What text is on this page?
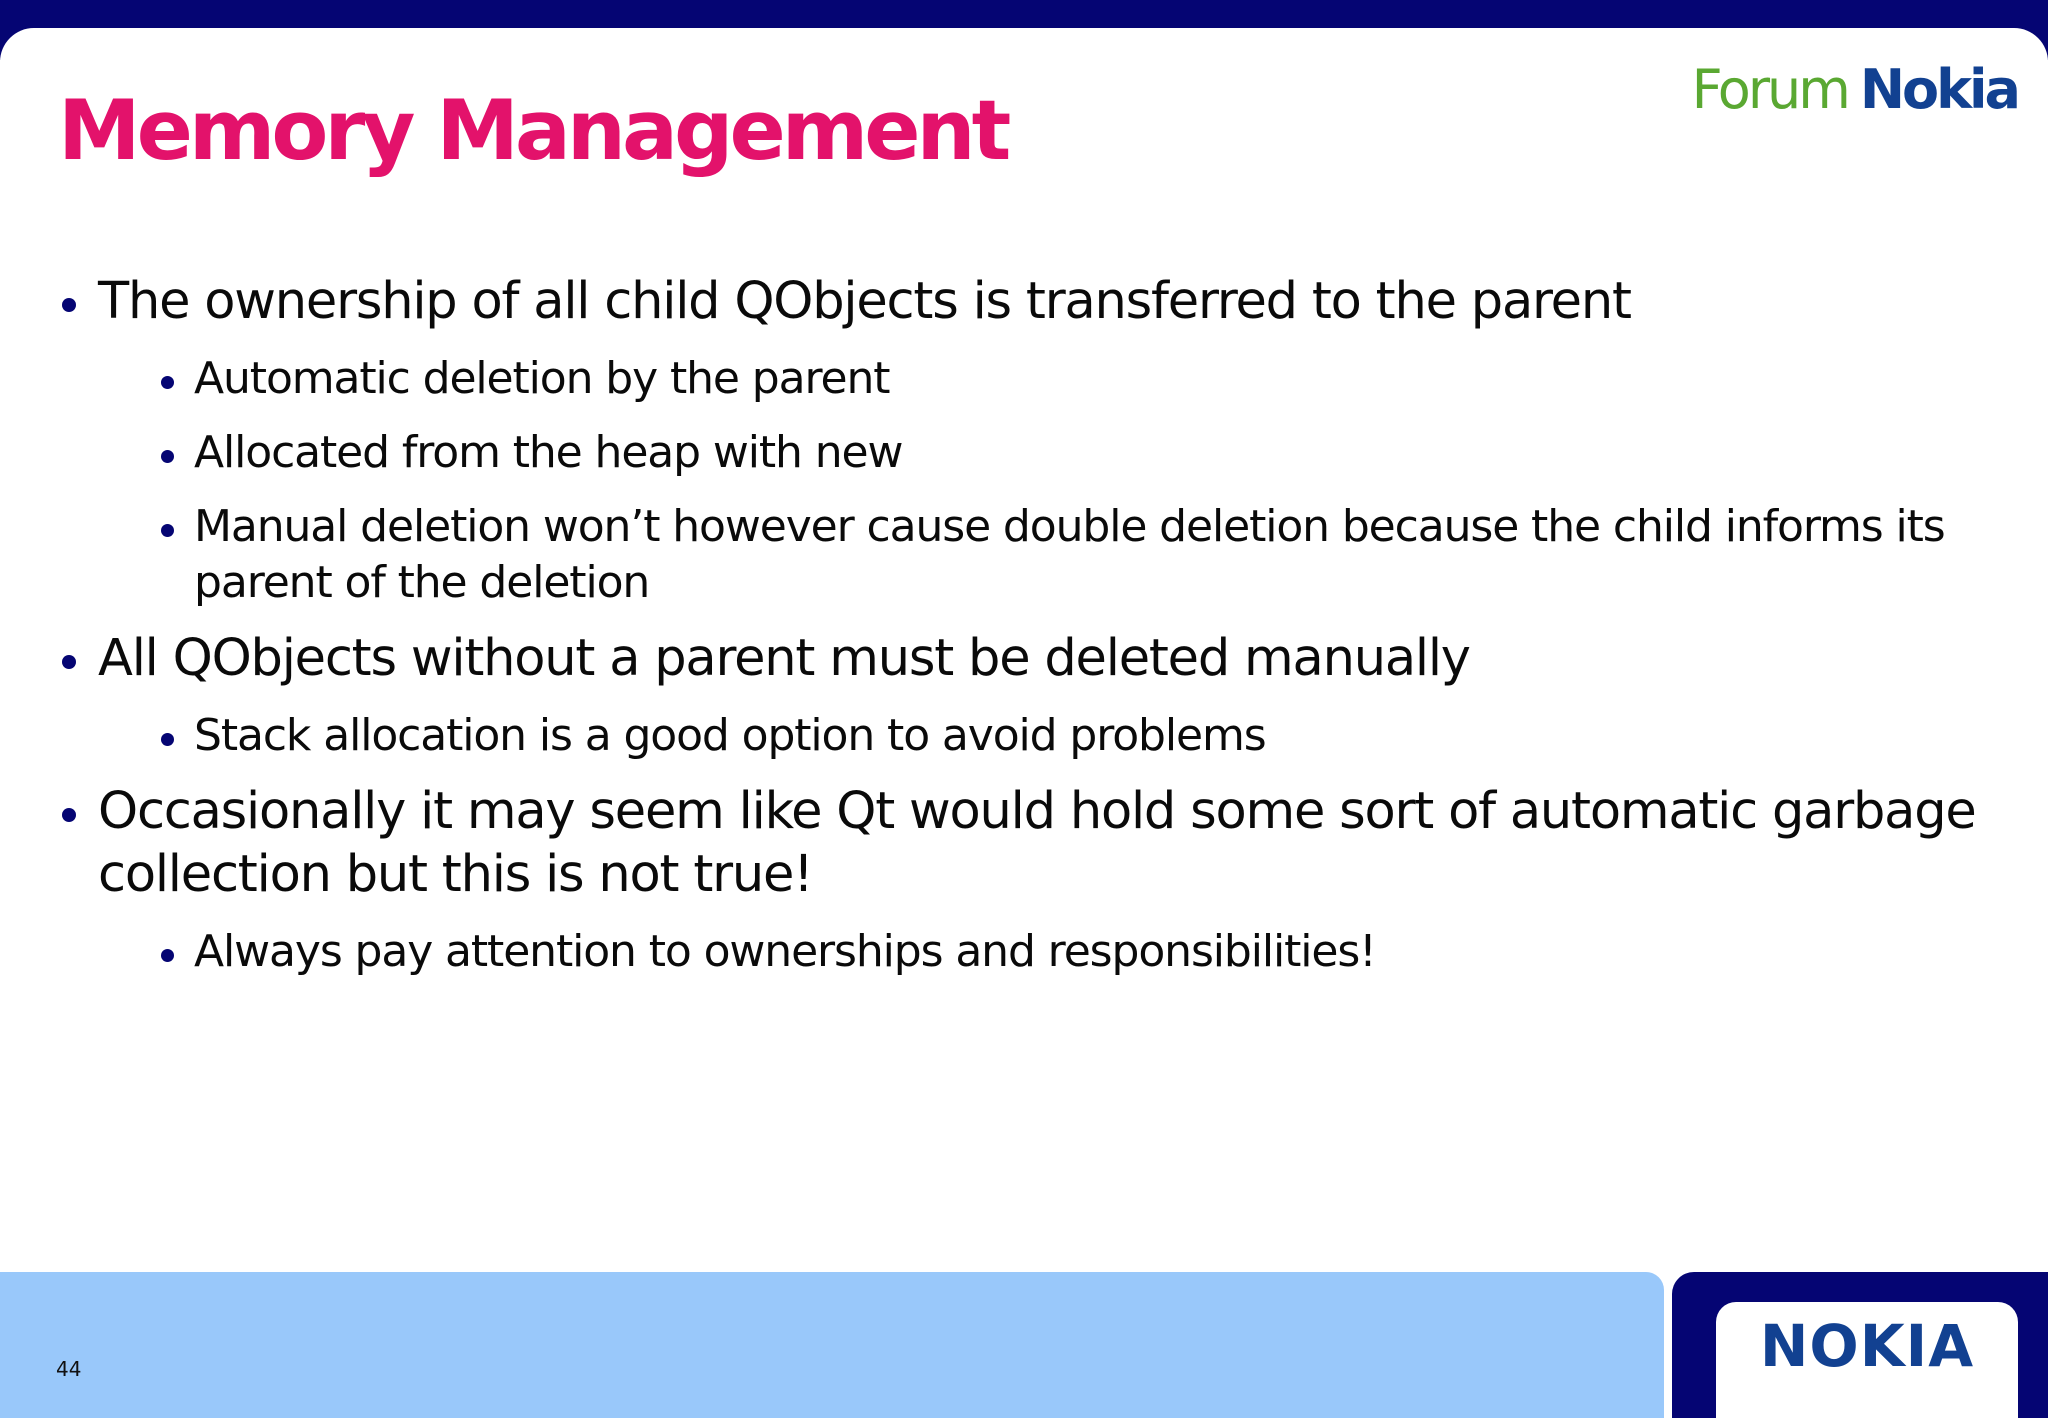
Memory Management	Forum Nokia
The ownership of all child QObjects is transferred to the parent
Automatic deletion by the parent
Allocated from the heap with new
Manual deletion won’t however cause double deletion because the child informs its parent of the deletion
All QObjects without a parent must be deleted manually
Stack allocation is a good option to avoid problems
Occasionally it may seem like Qt would hold some sort of automatic garbage collection but this is not true!
Always pay attention to ownerships and responsibilities!
44	NOKIA
